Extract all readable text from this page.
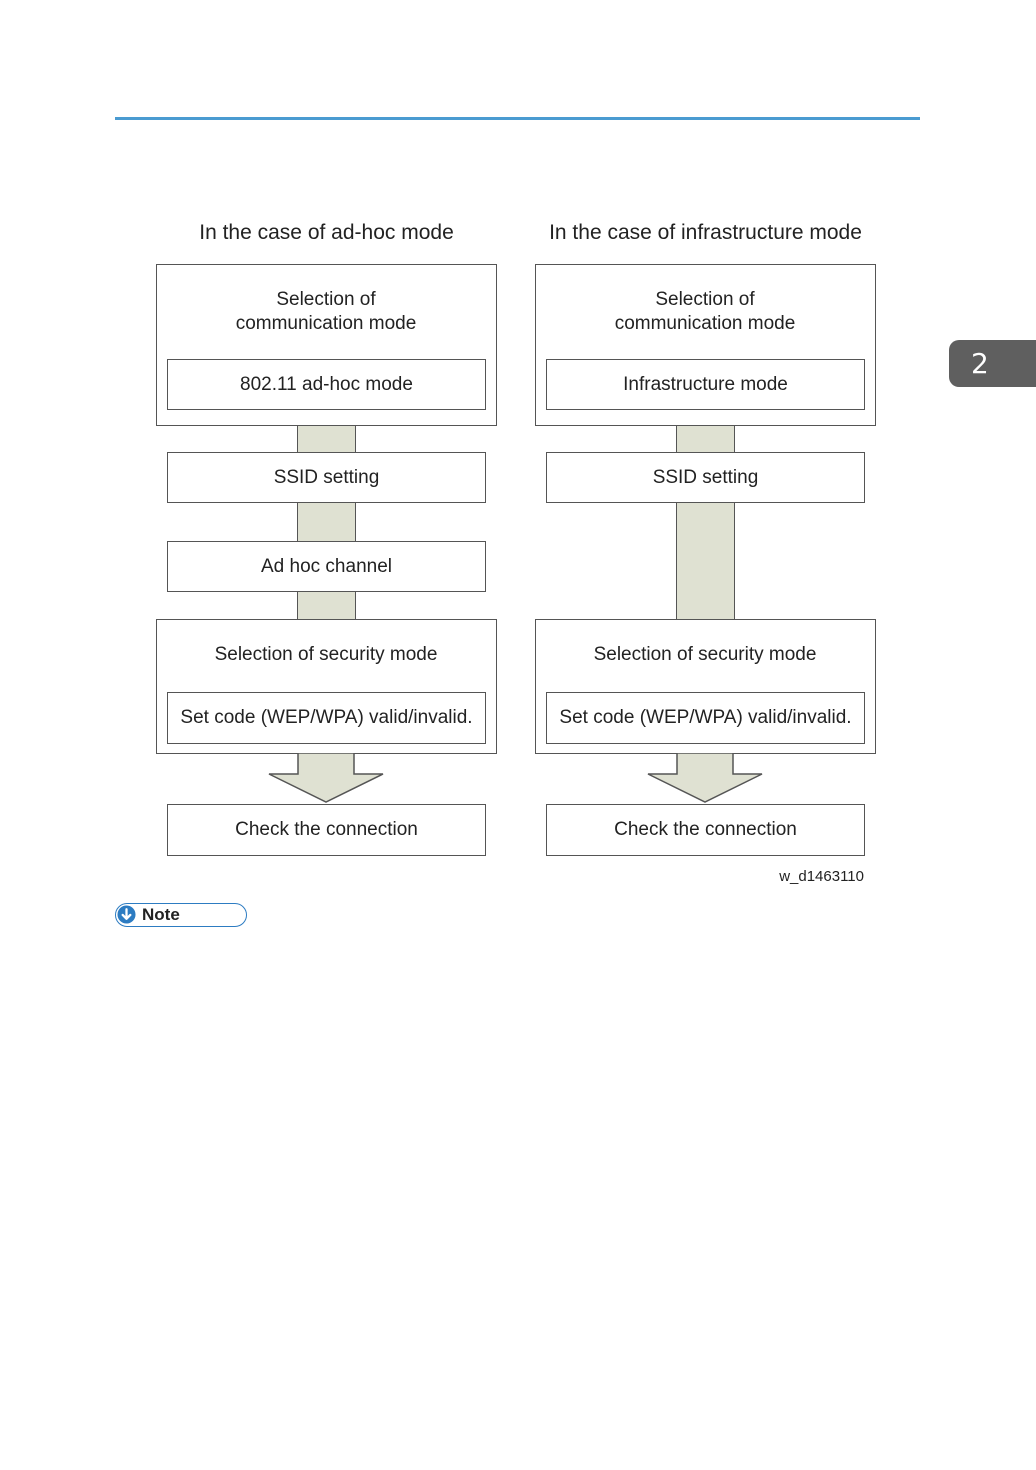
2
In the case of ad-hoc mode
Selection of
communication mode
802.11 ad-hoc mode
SSID setting
Ad hoc channel
Selection of security mode
Set code (WEP/WPA) valid/invalid.
Check the connection
In the case of infrastructure mode
Selection of
communication mode
Infrastructure mode
SSID setting
Selection of security mode
Set code (WEP/WPA) valid/invalid.
Check the connection
w_d1463110
Note
